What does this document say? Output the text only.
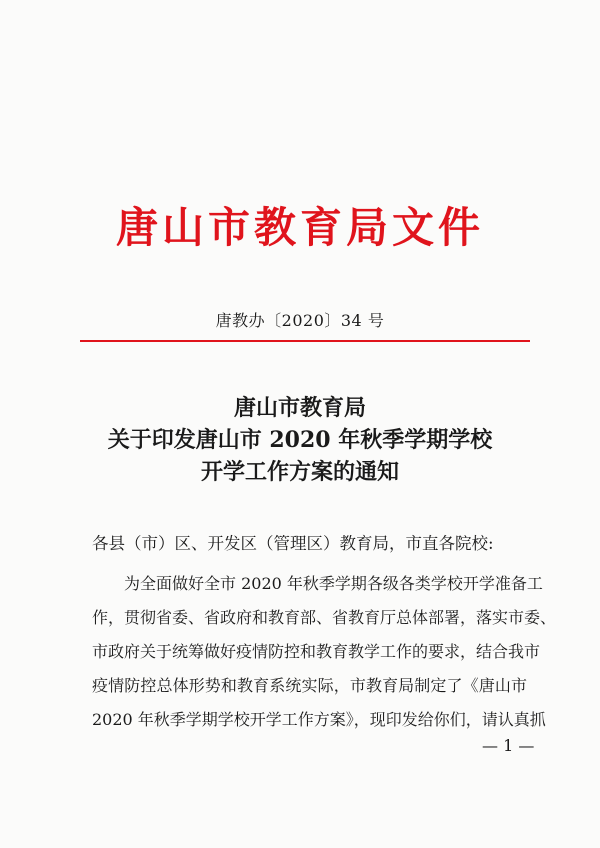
唐山市教育局文件
唐教办〔2020〕34 号
唐山市教育局
关于印发唐山市 2020 年秋季学期学校
开学工作方案的通知
各县（市）区、开发区（管理区）教育局，市直各院校:
为全面做好全市 2020 年秋季学期各级各类学校开学准备工
作，贯彻省委、省政府和教育部、省教育厅总体部署，落实市委、
市政府关于统筹做好疫情防控和教育教学工作的要求，结合我市
疫情防控总体形势和教育系统实际，市教育局制定了《唐山市
2020 年秋季学期学校开学工作方案》，现印发给你们，请认真抓
— 1 —
